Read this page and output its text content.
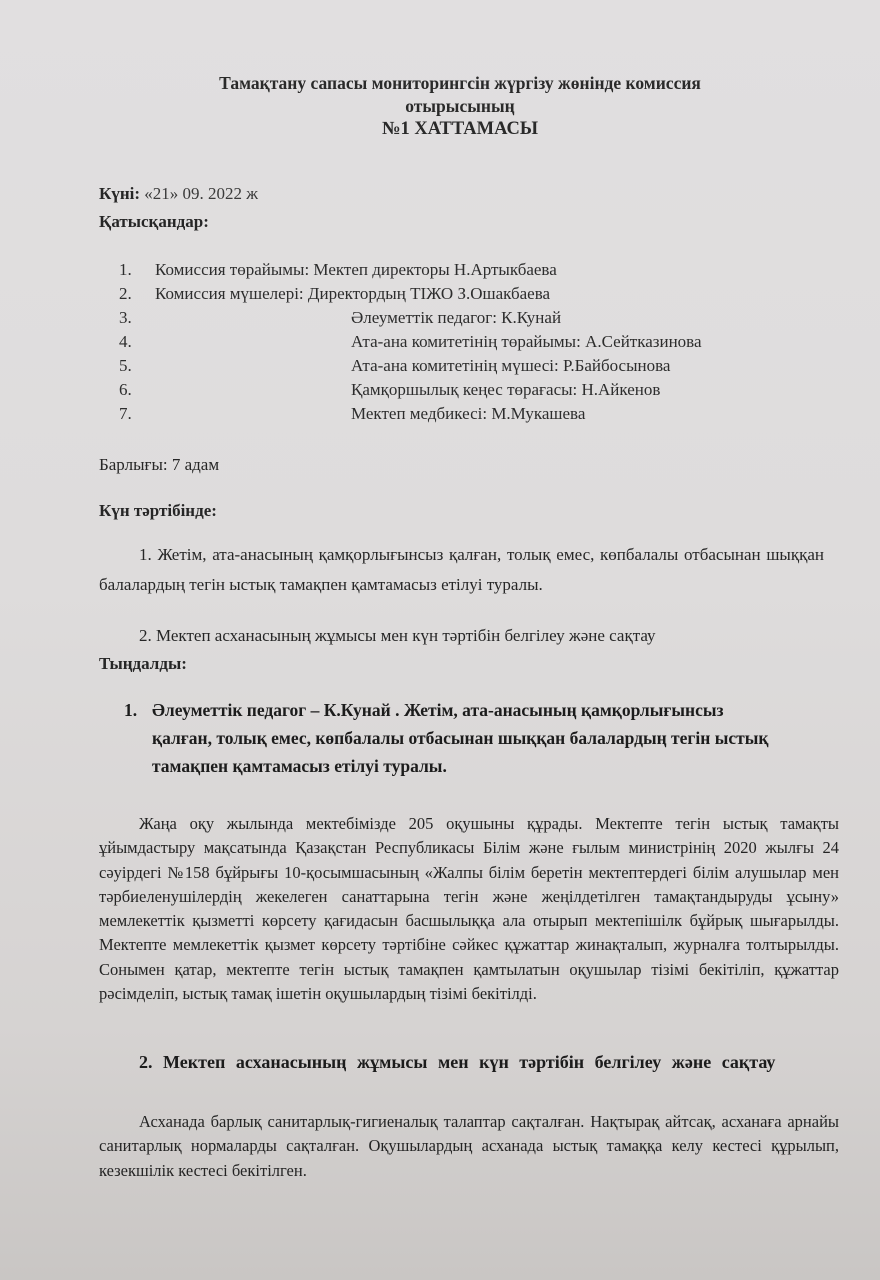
Тамақтану сапасы мониторингсін жүргізу жөнінде комиссия
отырысының
№1 ХАТТАМАСЫ
Күні: «21» 09. 2022 ж
Қатысқандар:
1.	Комиссия төрайымы: Мектеп директоры Н.Артыкбаева
2.	Комиссия мүшелері: Директордың ТІЖО З.Ошакбаева
3.	Әлеуметтік педагог: К.Кунай
4.	Ата-ана комитетінің төрайымы: А.Сейтказинова
5.	Ата-ана комитетінің мүшесі: Р.Байбосынова
6.	Қамқоршылық кеңес төрағасы: Н.Айкенов
7.	Мектеп медбикесі: М.Мукашева
Барлығы: 7 адам
Күн тәртібінде:
1. Жетім, ата-анасының қамқорлығынсыз қалған, толық емес, көпбалалы отбасынан шыққан балалардың тегін ыстық тамақпен қамтамасыз етілуі туралы.
2. Мектеп асханасының жұмысы мен күн тәртібін белгілеу және сақтау
Тыңдалды:
1. Әлеуметтік педагог – К.Кунай . Жетім, ата-анасының қамқорлығынсыз қалған, толық емес, көпбалалы отбасынан шыққан балалардың тегін ыстық тамақпен қамтамасыз етілуі туралы.
Жаңа оқу жылында мектебімізде 205 оқушыны құрады. Мектепте тегін ыстық тамақты ұйымдастыру мақсатында Қазақстан Республикасы Білім және ғылым министрінің 2020 жылғы 24 сәуірдегі №158 бұйрығы 10-қосымшасының «Жалпы білім беретін мектептердегі білім алушылар мен тәрбиеленушілердің жекелеген санаттарына тегін және жеңілдетілген тамақтандыруды ұсыну» мемлекеттік қызметті көрсету қағидасын басшылыққа ала отырып мектепішілк бұйрық шығарылды. Мектепте мемлекеттік қызмет көрсету тәртібіне сәйкес құжаттар жинақталып, журналға толтырылды. Сонымен қатар, мектепте тегін ыстық тамақпен қамтылатын оқушылар тізімі бекітіліп, құжаттар рәсімделіп, ыстық тамақ ішетін оқушылардың тізімі бекітілді.
2. Мектеп асханасының жұмысы мен күн тәртібін белгілеу және сақтау
Асханада барлық санитарлық-гигиеналық талаптар сақталған. Нақтырақ айтсақ, асханаға арнайы санитарлық нормаларды сақталған. Оқушылардың асханада ыстық тамаққа келу кестесі құрылып, кезекшілік кестесі бекітілген.
